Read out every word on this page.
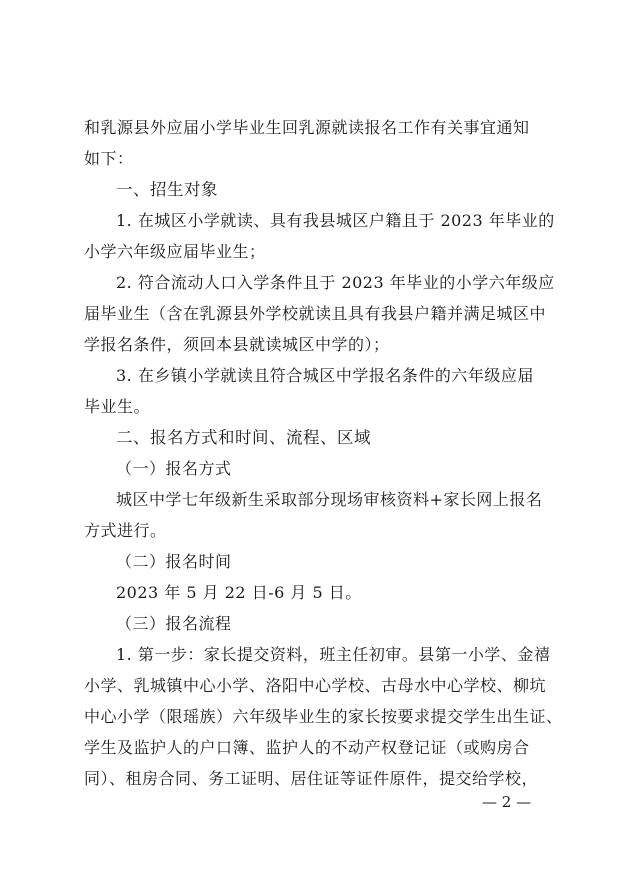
和乳源县外应届小学毕业生回乳源就读报名工作有关事宜通知
如下：
一、招生对象
1. 在城区小学就读、具有我县城区户籍且于 2023 年毕业的
小学六年级应届毕业生；
2. 符合流动人口入学条件且于 2023 年毕业的小学六年级应
届毕业生（含在乳源县外学校就读且具有我县户籍并满足城区中
学报名条件，须回本县就读城区中学的）；
3. 在乡镇小学就读且符合城区中学报名条件的六年级应届
毕业生。
二、报名方式和时间、流程、区域
（一）报名方式
城区中学七年级新生采取部分现场审核资料+家长网上报名
方式进行。
（二）报名时间
2023 年 5 月 22 日-6 月 5 日。
（三）报名流程
1. 第一步：家长提交资料，班主任初审。县第一小学、金禧
小学、乳城镇中心小学、洛阳中心学校、古母水中心学校、柳坑
中心小学（限瑶族）六年级毕业生的家长按要求提交学生出生证、
学生及监护人的户口簿、监护人的不动产权登记证（或购房合
同）、租房合同、务工证明、居住证等证件原件，提交给学校，
— 2 —
